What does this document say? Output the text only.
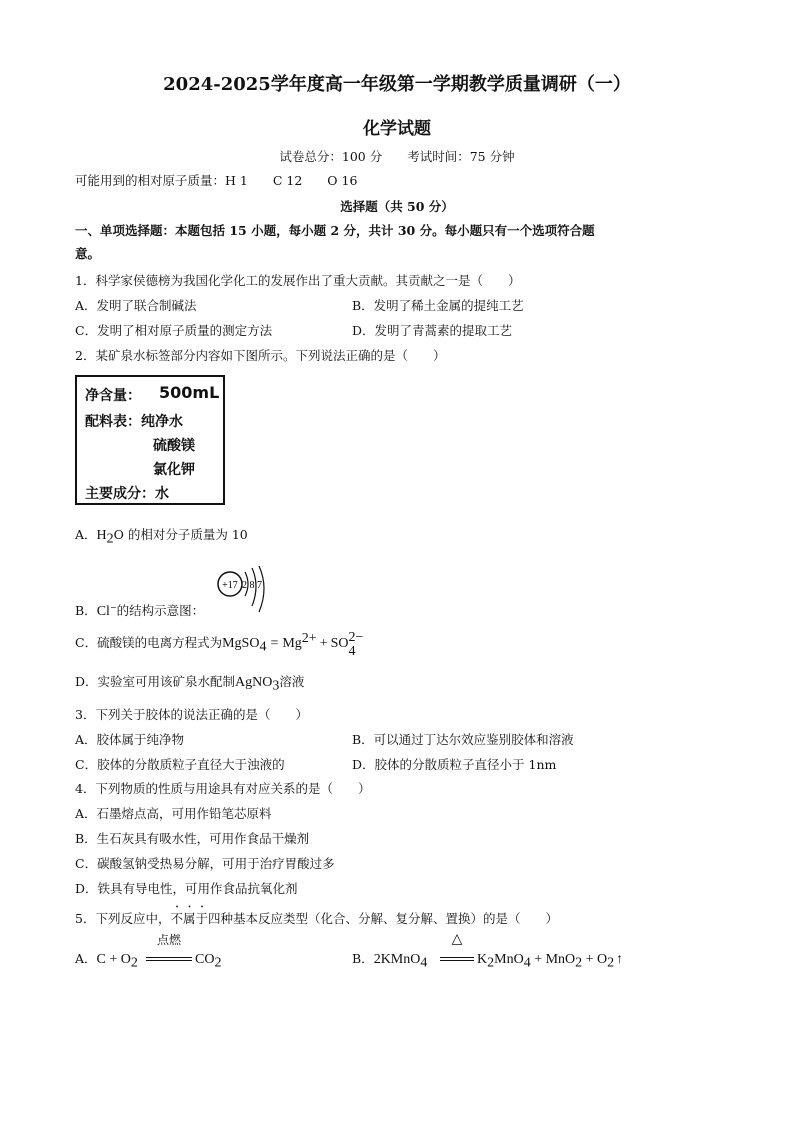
2024-2025学年度高一年级第一学期教学质量调研（一）
化学试题
试卷总分：100 分　　考试时间：75 分钟
可能用到的相对原子质量：H 1　　C 12　　O 16
选择题（共 50 分）
一、单项选择题：本题包括 15 小题，每小题 2 分，共计 30 分。每小题只有一个选项符合题
意。
1．科学家侯德榜为我国化学化工的发展作出了重大贡献。其贡献之一是（　　）
A．发明了联合制碱法	B．发明了稀土金属的提纯工艺
C．发明了相对原子质量的测定方法	D．发明了青蒿素的提取工艺
2．某矿泉水标签部分内容如下图所示。下列说法正确的是（　　）
净含量： 500mL
配料表：纯净水
硫酸镁
氯化钾
主要成分：水
A．$H_2O$ 的相对分子质量为 10
B．Cl−的结构示意图：
+17 2 8 7
C．硫酸镁的电离方程式为MgSO$_4$ = $Mg^{2+}$ + SO 2−
4
D．实验室可用该矿泉水配制AgNO$_3$溶液
3．下列关于胶体的说法正确的是（　　）
A．胶体属于纯净物	B．可以通过丁达尔效应鉴别胶体和溶液
C．胶体的分散质粒子直径大于浊液的	D．胶体的分散质粒子直径小于 1nm
4．下列物质的性质与用途具有对应关系的是（　　）
A．石墨熔点高，可用作铅笔芯原料
B．生石灰具有吸水性，可用作食品干燥剂
C．碳酸氢钠受热易分解，可用于治疗胃酸过多
D．铁具有导电性，可用作食品抗氧化剂
5．下列反应中，不属于四种基本反应类型（化合、分解、复分解、置换）的是（　　）
A．$C + O_2$
点燃
$CO_2$	B．2KMnO$_4$
△
$K_2MnO_4 + MnO_2 + O_2$ ↑
